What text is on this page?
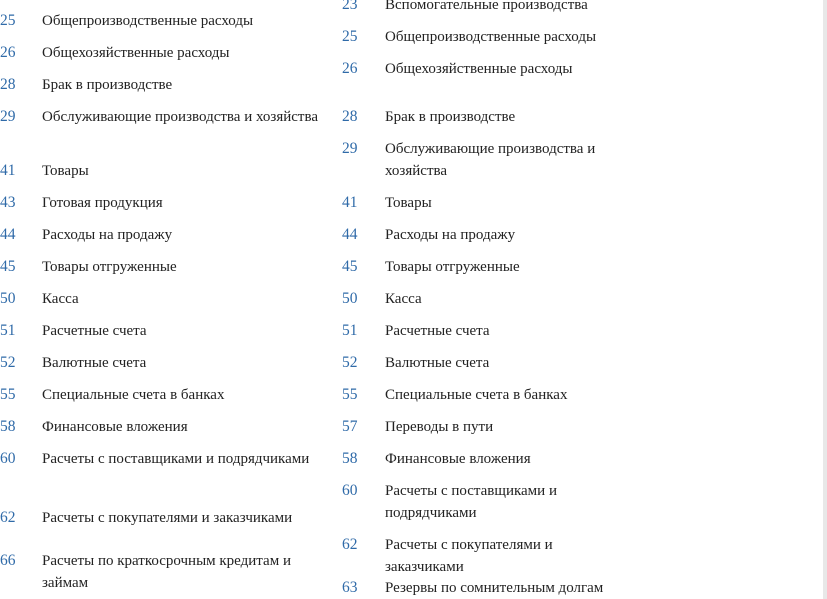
25	Общепроизводственные расходы
26	Общехозяйственные расходы
28	Брак в производстве
29	Обслуживающие производства и хозяйства
41	Товары
43	Готовая продукция
44	Расходы на продажу
45	Товары отгруженные
50	Касса
51	Расчетные счета
52	Валютные счета
55	Специальные счета в банках
58	Финансовые вложения
60	Расчеты с поставщиками и подрядчиками
62	Расчеты с покупателями и заказчиками
66	Расчеты по краткосрочным кредитам и займам
23	Вспомогательные производства
25	Общепроизводственные расходы
26	Общехозяйственные расходы
28	Брак в производстве
29	Обслуживающие производства и хозяйства
41	Товары
44	Расходы на продажу
45	Товары отгруженные
50	Касса
51	Расчетные счета
52	Валютные счета
55	Специальные счета в банках
57	Переводы в пути
58	Финансовые вложения
60	Расчеты с поставщиками и подрядчиками
62	Расчеты с покупателями и заказчиками
63	Резервы по сомнительным долгам
